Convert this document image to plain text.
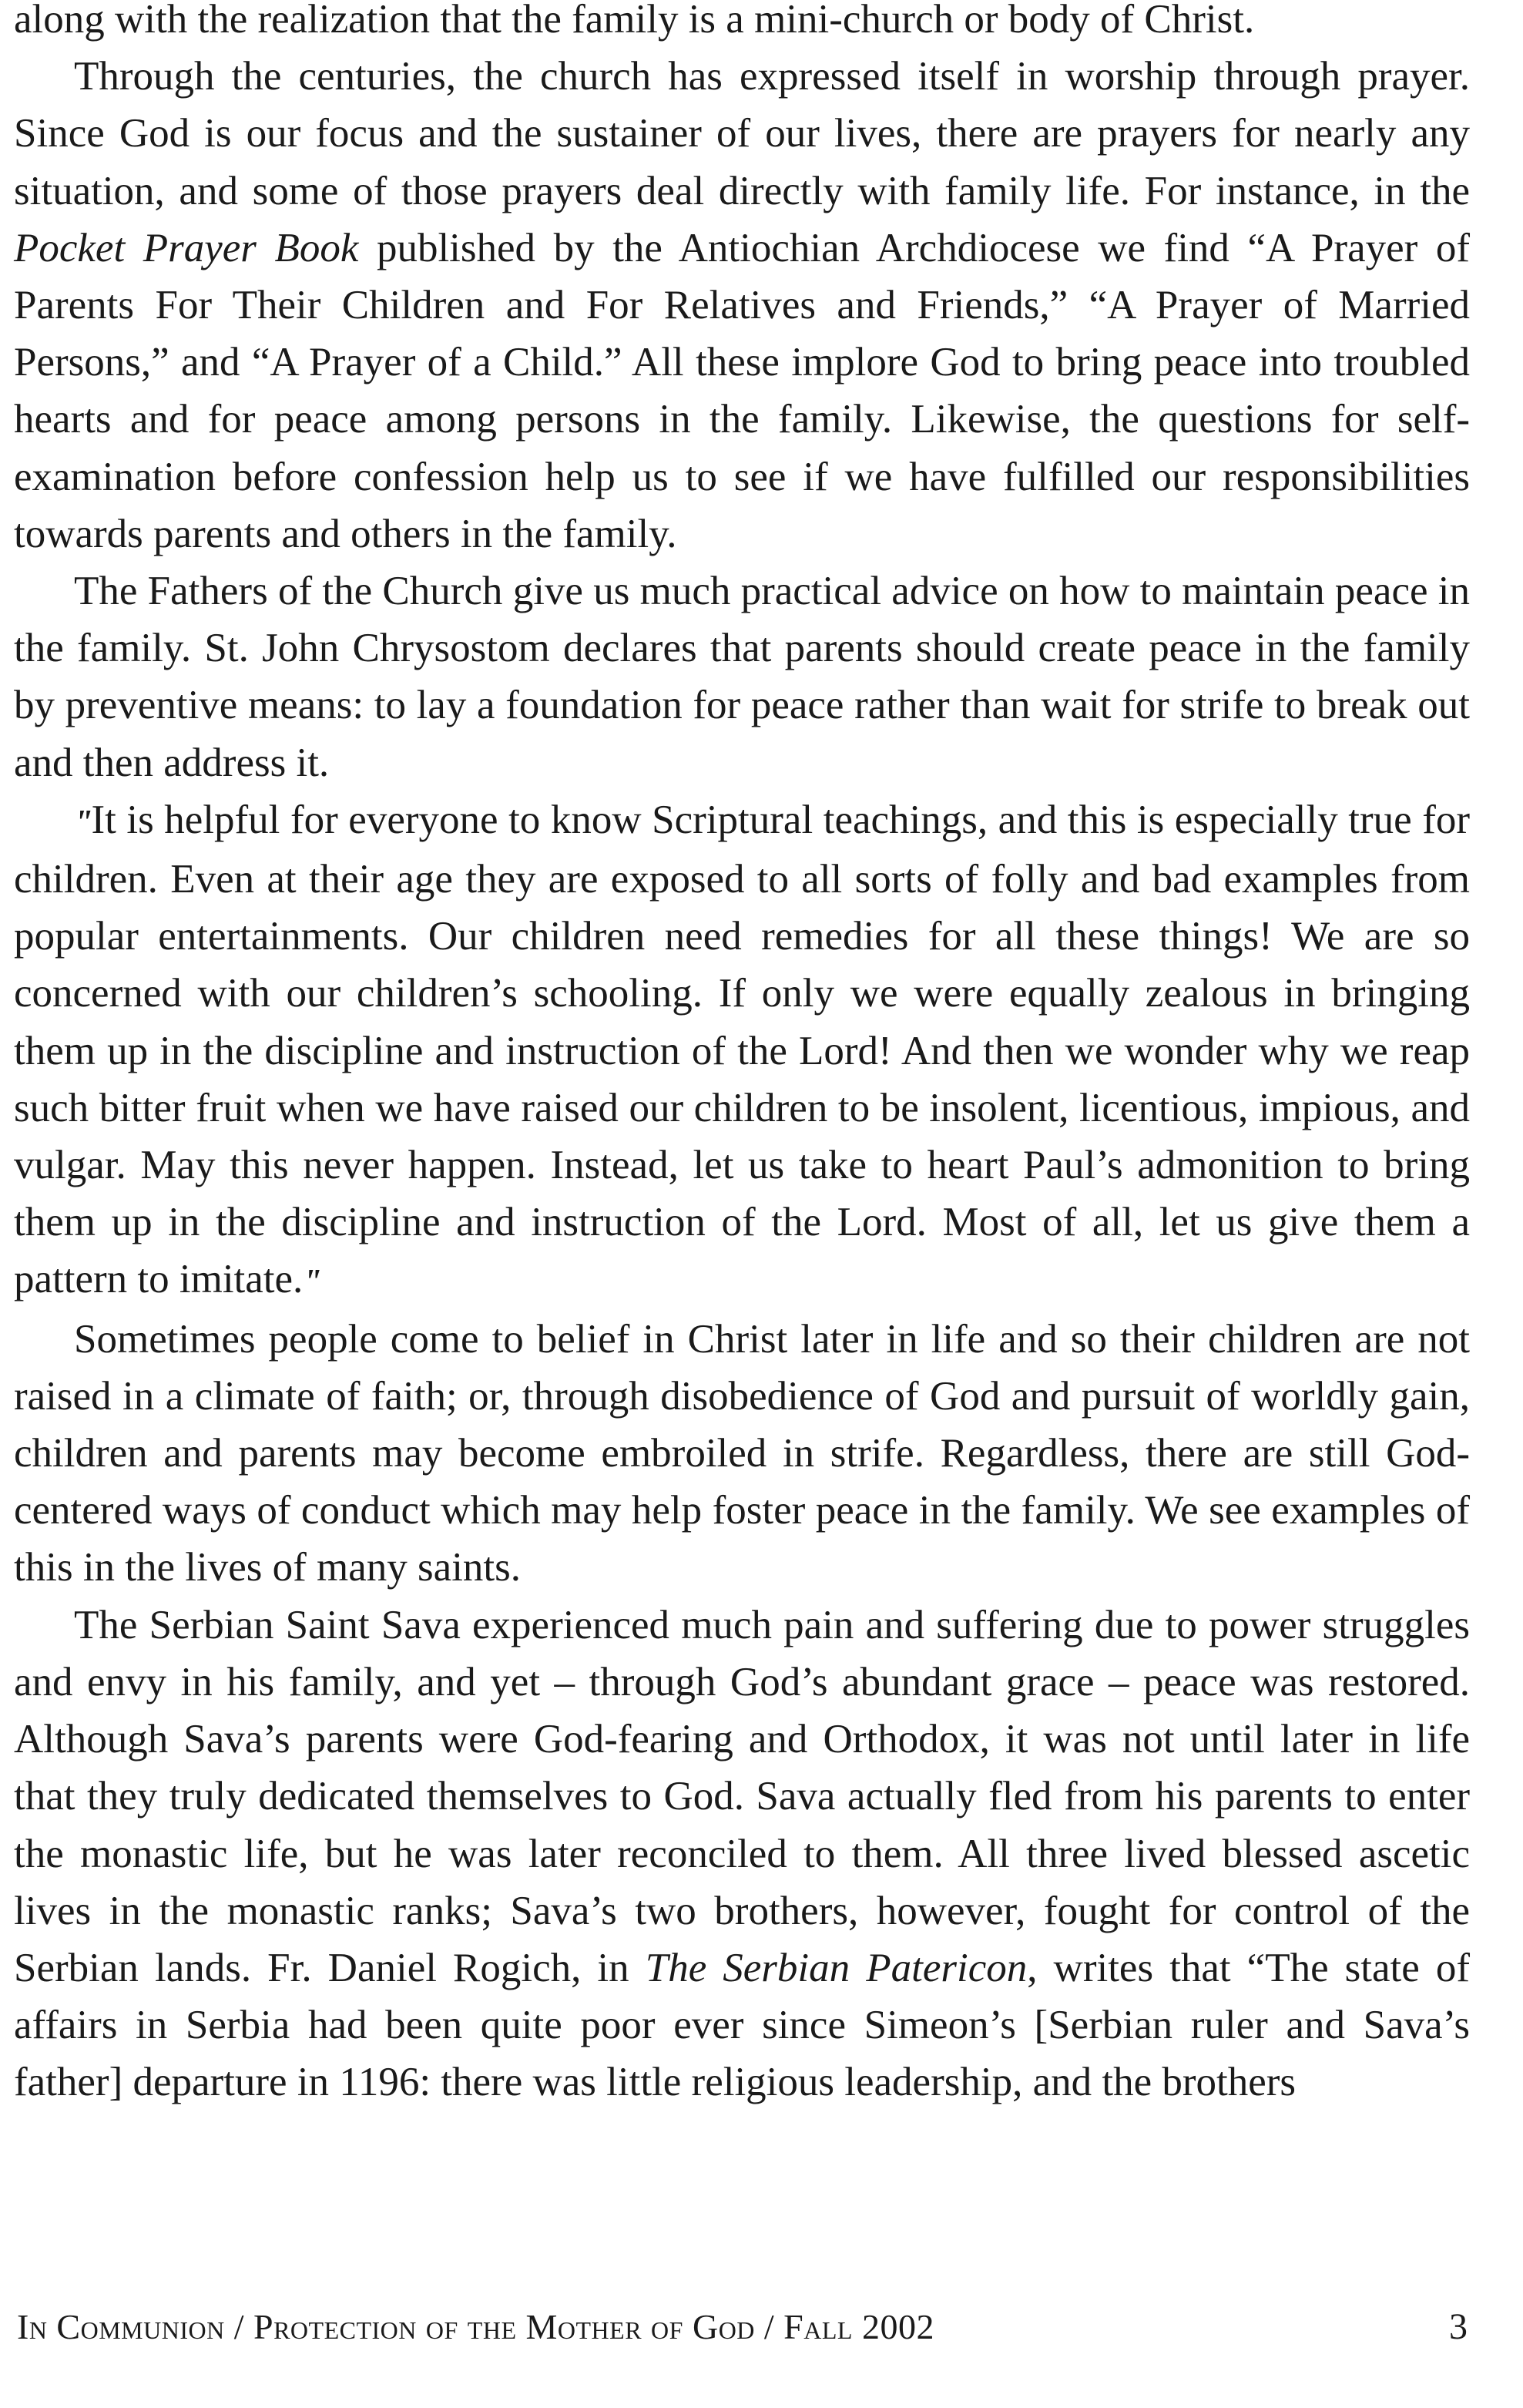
along with the realization that the family is a mini-church or body of Christ.

Through the centuries, the church has expressed itself in worship through prayer. Since God is our focus and the sustainer of our lives, there are prayers for nearly any situation, and some of those prayers deal directly with family life. For instance, in the Pocket Prayer Book published by the Antiochian Archdiocese we find “A Prayer of Parents For Their Children and For Relatives and Friends,” “A Prayer of Married Persons,” and “A Prayer of a Child.” All these implore God to bring peace into troubled hearts and for peace among persons in the family. Likewise, the questions for self-examination before confession help us to see if we have fulfilled our responsibilities towards parents and others in the family.

The Fathers of the Church give us much practical advice on how to maintain peace in the family. St. John Chrysostom declares that parents should create peace in the family by preventive means: to lay a foundation for peace rather than wait for strife to break out and then address it.

"It is helpful for everyone to know Scriptural teachings, and this is especially true for children. Even at their age they are exposed to all sorts of folly and bad examples from popular entertainments. Our children need remedies for all these things! We are so concerned with our children’s schooling. If only we were equally zealous in bringing them up in the discipline and instruction of the Lord! And then we wonder why we reap such bitter fruit when we have raised our children to be insolent, licentious, impious, and vulgar. May this never happen. Instead, let us take to heart Paul’s admonition to bring them up in the discipline and instruction of the Lord. Most of all, let us give them a pattern to imitate."

Sometimes people come to belief in Christ later in life and so their children are not raised in a climate of faith; or, through disobedience of God and pursuit of worldly gain, children and parents may become embroiled in strife. Regardless, there are still God-centered ways of conduct which may help foster peace in the family. We see examples of this in the lives of many saints.

The Serbian Saint Sava experienced much pain and suffering due to power struggles and envy in his family, and yet – through God’s abundant grace – peace was restored. Although Sava’s parents were God-fearing and Orthodox, it was not until later in life that they truly dedicated themselves to God. Sava actually fled from his parents to enter the monastic life, but he was later reconciled to them. All three lived blessed ascetic lives in the monastic ranks; Sava’s two brothers, however, fought for control of the Serbian lands. Fr. Daniel Rogich, in The Serbian Patericon, writes that “The state of affairs in Serbia had been quite poor ever since Simeon’s [Serbian ruler and Sava’s father] departure in 1196: there was little religious leadership, and the brothers

In Communion / Protection of the Mother of God / Fall 2002	3
